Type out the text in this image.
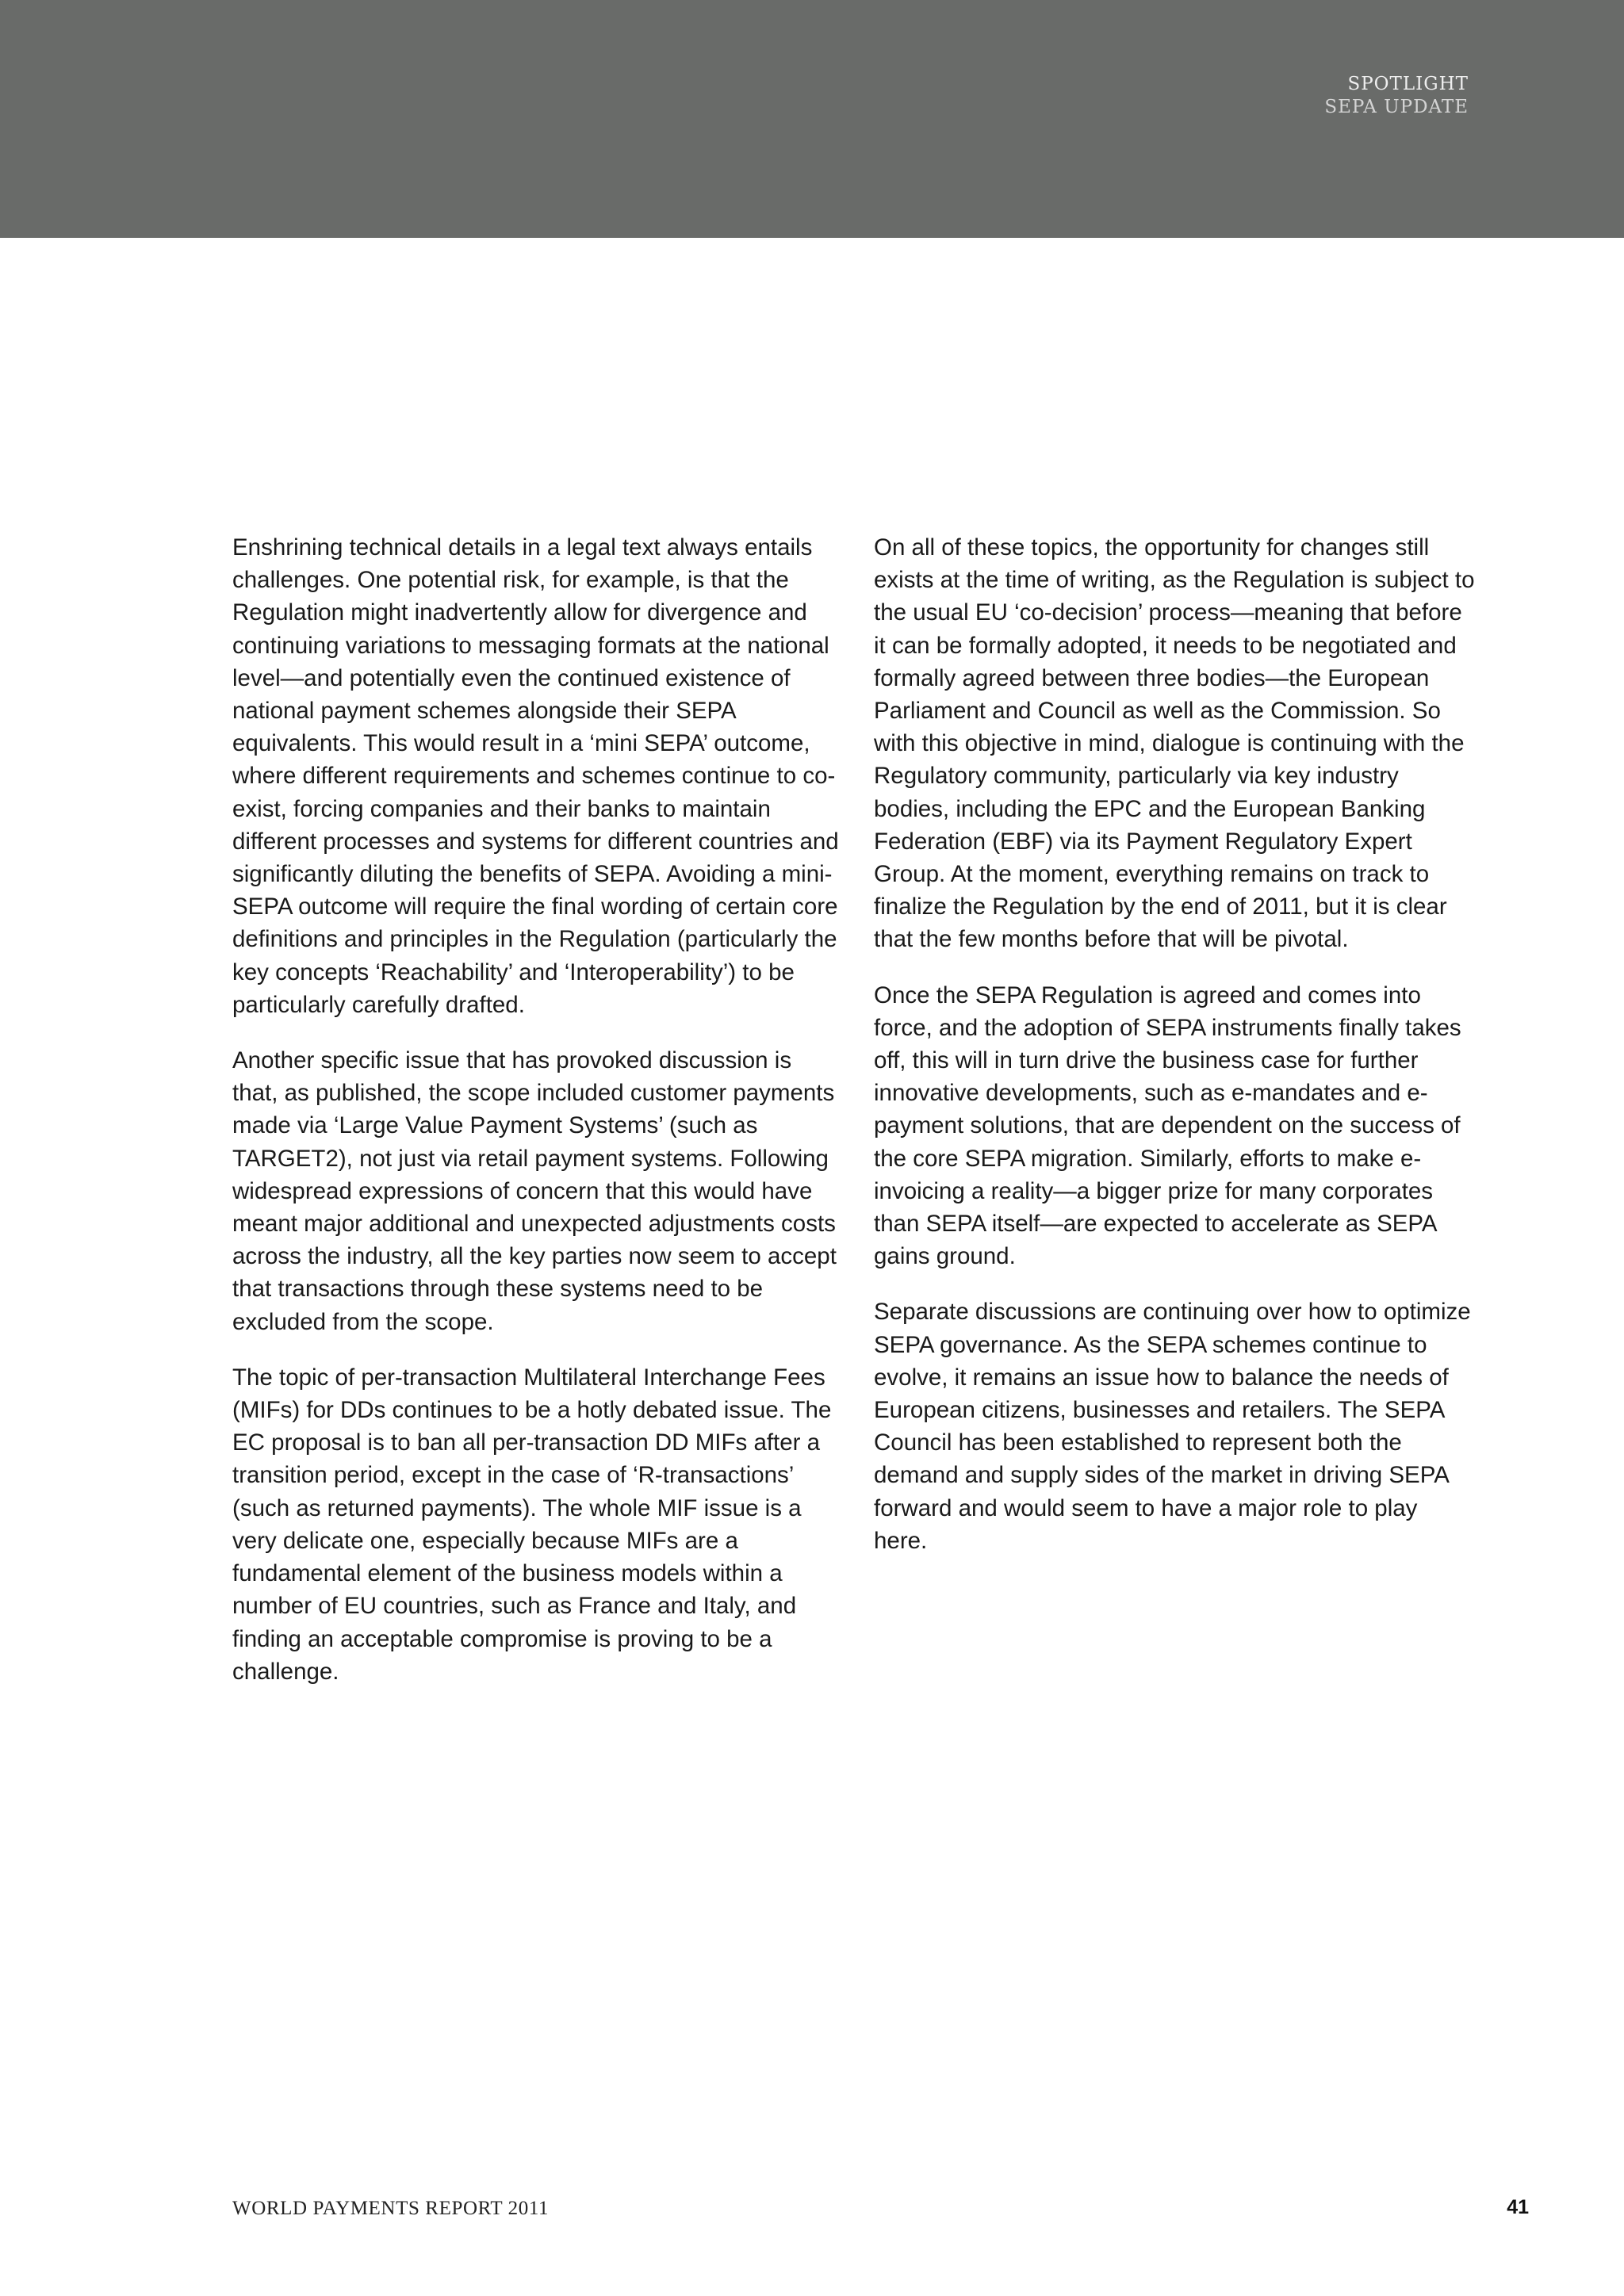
SPOTLIGHT
SEPA UPDATE

Enshrining technical details in a legal text always entails challenges. One potential risk, for example, is that the Regulation might inadvertently allow for divergence and continuing variations to messaging formats at the national level—and potentially even the continued existence of national payment schemes alongside their SEPA equivalents. This would result in a ‘mini SEPA’ outcome, where different requirements and schemes continue to co-exist, forcing companies and their banks to maintain different processes and systems for different countries and significantly diluting the benefits of SEPA. Avoiding a mini-SEPA outcome will require the final wording of certain core definitions and principles in the Regulation (particularly the key concepts ‘Reachability’ and ‘Interoperability’) to be particularly carefully drafted.

Another specific issue that has provoked discussion is that, as published, the scope included customer payments made via ‘Large Value Payment Systems’ (such as TARGET2), not just via retail payment systems. Following widespread expressions of concern that this would have meant major additional and unexpected adjustments costs across the industry, all the key parties now seem to accept that transactions through these systems need to be excluded from the scope.

The topic of per-transaction Multilateral Interchange Fees (MIFs) for DDs continues to be a hotly debated issue. The EC proposal is to ban all per-transaction DD MIFs after a transition period, except in the case of ‘R-transactions’ (such as returned payments). The whole MIF issue is a very delicate one, especially because MIFs are a fundamental element of the business models within a number of EU countries, such as France and Italy, and finding an acceptable compromise is proving to be a challenge.

On all of these topics, the opportunity for changes still exists at the time of writing, as the Regulation is subject to the usual EU ‘co-decision’ process—meaning that before it can be formally adopted, it needs to be negotiated and formally agreed between three bodies—the European Parliament and Council as well as the Commission. So with this objective in mind, dialogue is continuing with the Regulatory community, particularly via key industry bodies, including the EPC and the European Banking Federation (EBF) via its Payment Regulatory Expert Group. At the moment, everything remains on track to finalize the Regulation by the end of 2011, but it is clear that the few months before that will be pivotal.

Once the SEPA Regulation is agreed and comes into force, and the adoption of SEPA instruments finally takes off, this will in turn drive the business case for further innovative developments, such as e-mandates and e-payment solutions, that are dependent on the success of the core SEPA migration. Similarly, efforts to make e-invoicing a reality—a bigger prize for many corporates than SEPA itself—are expected to accelerate as SEPA gains ground.

Separate discussions are continuing over how to optimize SEPA governance. As the SEPA schemes continue to evolve, it remains an issue how to balance the needs of European citizens, businesses and retailers. The SEPA Council has been established to represent both the demand and supply sides of the market in driving SEPA forward and would seem to have a major role to play here.

WORLD PAYMENTS REPORT 2011	41
